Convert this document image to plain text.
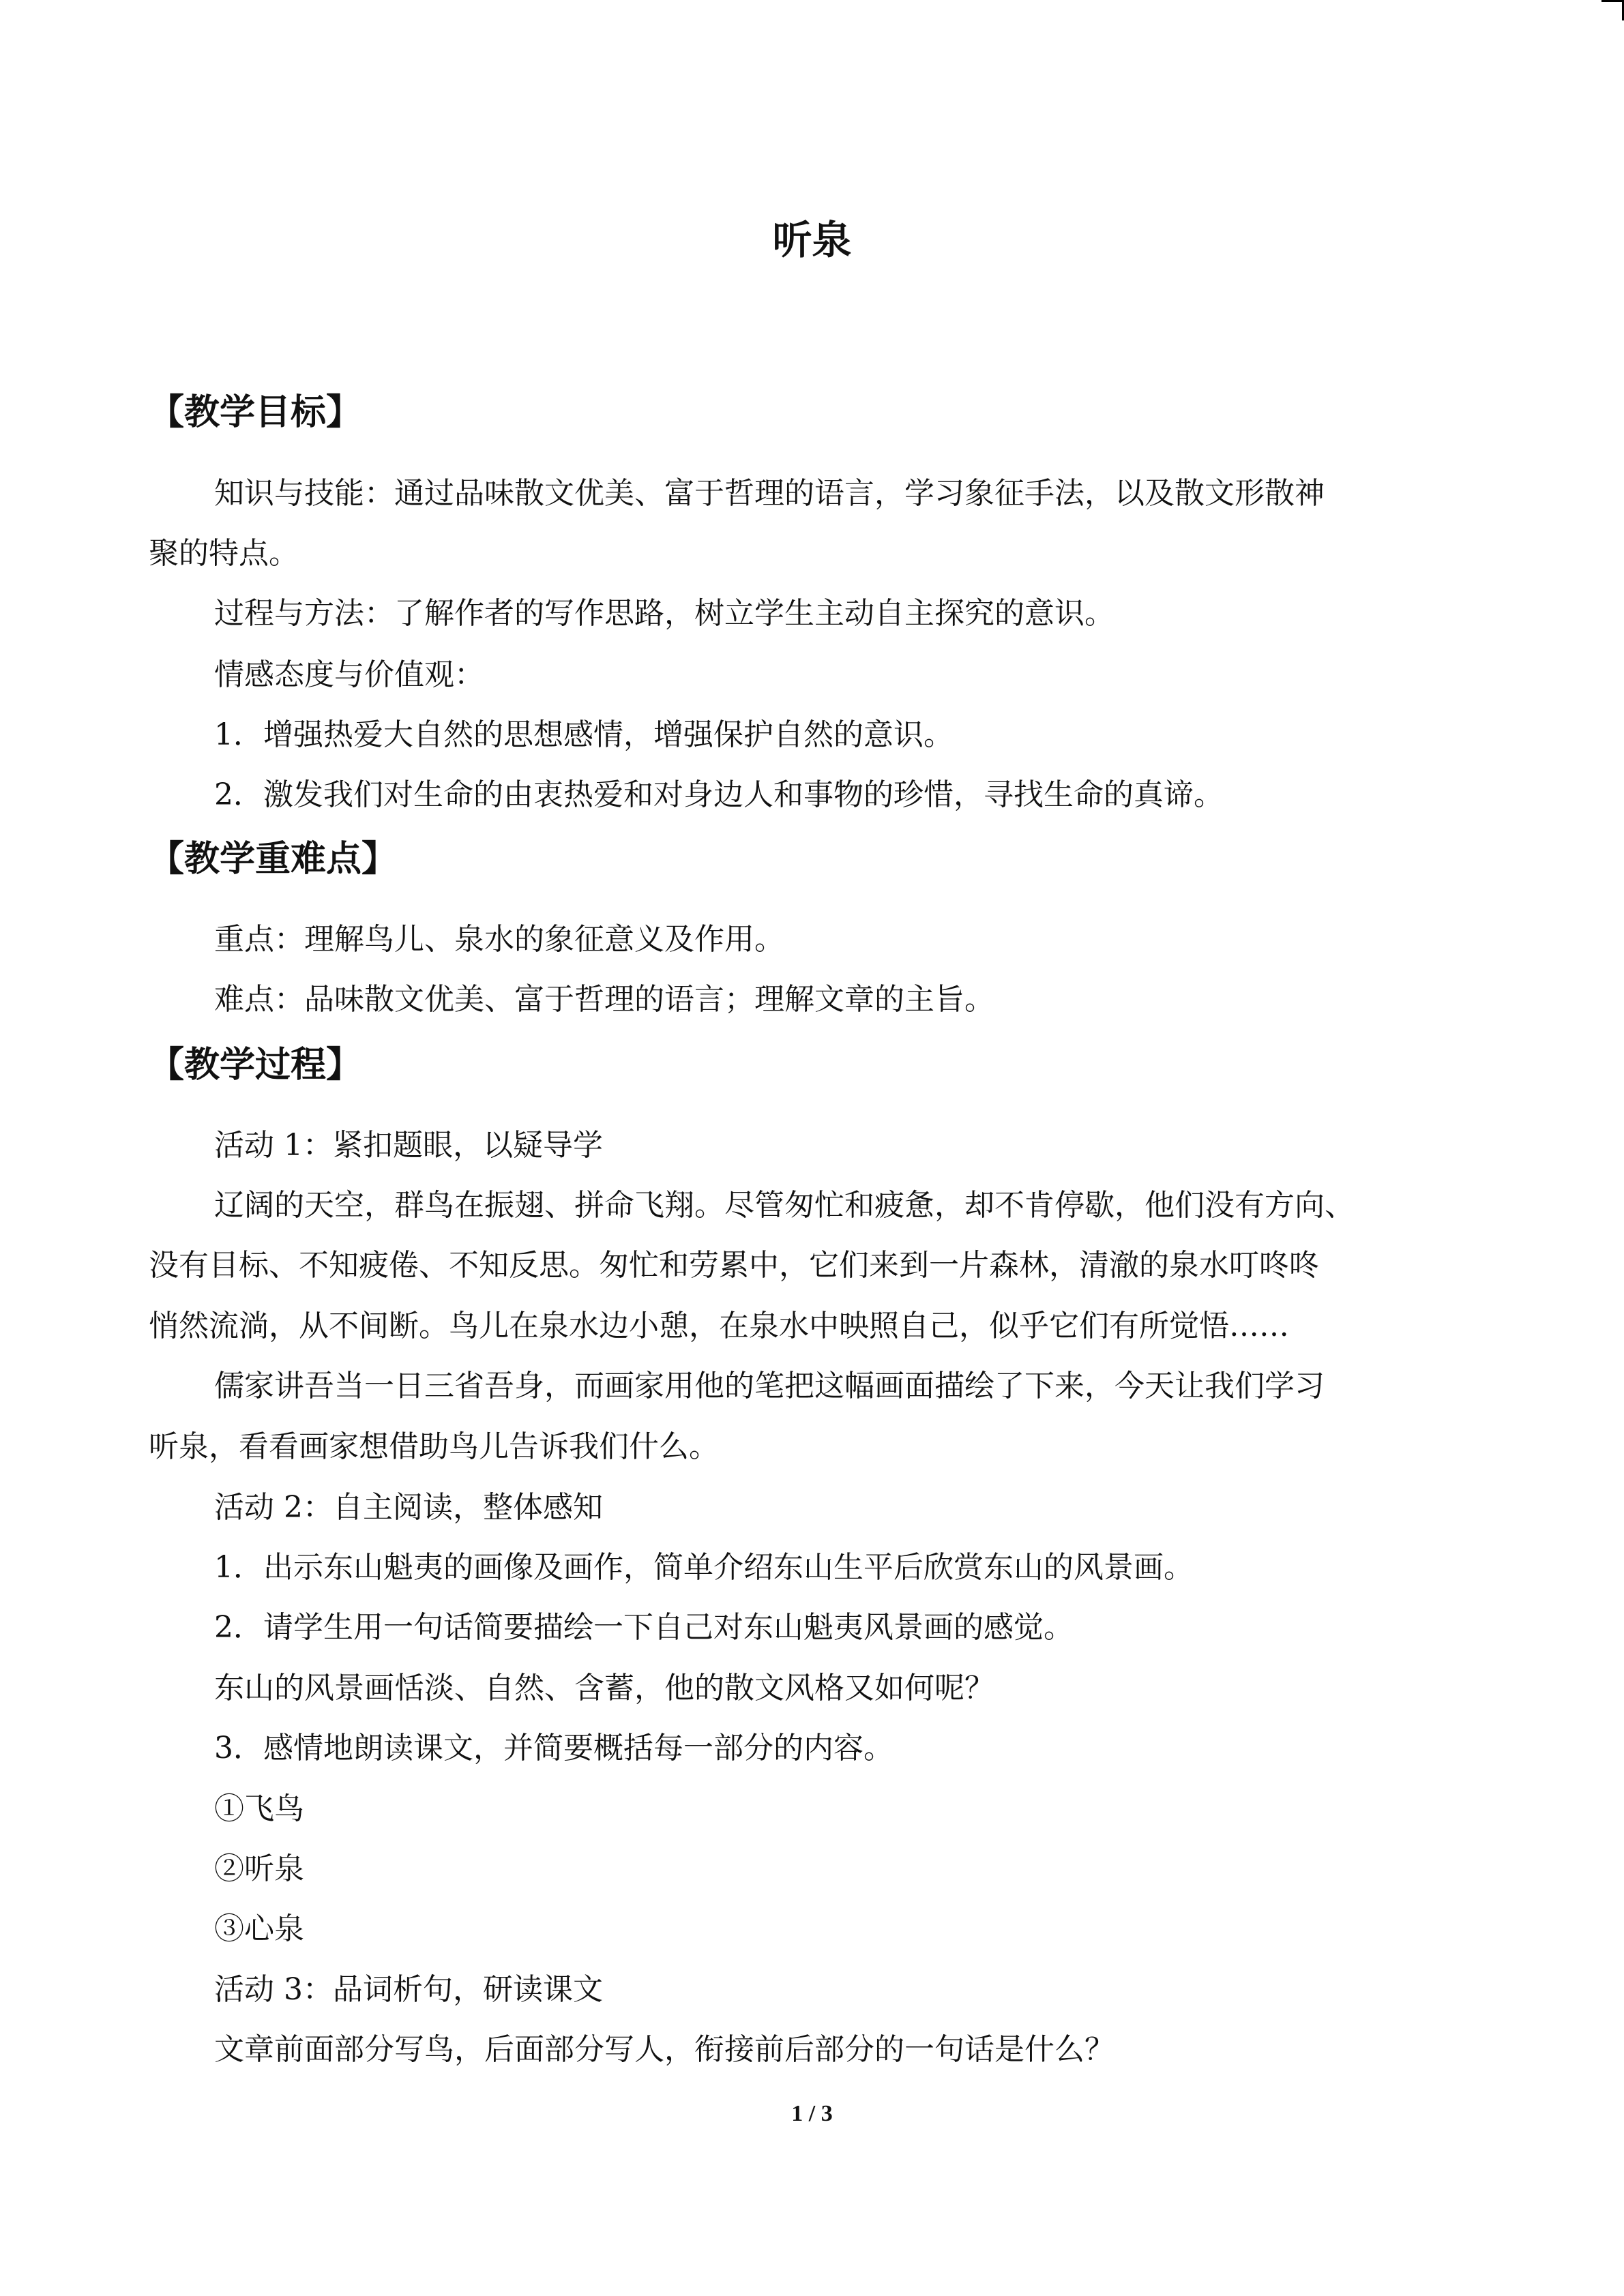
听泉
【教学目标】

知识与技能：通过品味散文优美、富于哲理的语言，学习象征手法，以及散文形散神

聚的特点。

过程与方法：了解作者的写作思路，树立学生主动自主探究的意识。

情感态度与价值观：

1．增强热爱大自然的思想感情，增强保护自然的意识。

2．激发我们对生命的由衷热爱和对身边人和事物的珍惜，寻找生命的真谛。

【教学重难点】

重点：理解鸟儿、泉水的象征意义及作用。

难点：品味散文优美、富于哲理的语言；理解文章的主旨。

【教学过程】

活动 1：紧扣题眼，以疑导学

辽阔的天空，群鸟在振翅、拼命飞翔。尽管匆忙和疲惫，却不肯停歇，他们没有方向、

没有目标、不知疲倦、不知反思。匆忙和劳累中，它们来到一片森林，清澈的泉水叮咚咚

悄然流淌，从不间断。鸟儿在泉水边小憩，在泉水中映照自己，似乎它们有所觉悟……

儒家讲吾当一日三省吾身，而画家用他的笔把这幅画面描绘了下来，今天让我们学习

听泉，看看画家想借助鸟儿告诉我们什么。

活动 2：自主阅读，整体感知

1．出示东山魁夷的画像及画作，简单介绍东山生平后欣赏东山的风景画。

2．请学生用一句话简要描绘一下自己对东山魁夷风景画的感觉。

东山的风景画恬淡、自然、含蓄，他的散文风格又如何呢？

3．感情地朗读课文，并简要概括每一部分的内容。

①飞鸟

②听泉

③心泉

活动 3：品词析句，研读课文

文章前面部分写鸟，后面部分写人，衔接前后部分的一句话是什么？

1 / 3
